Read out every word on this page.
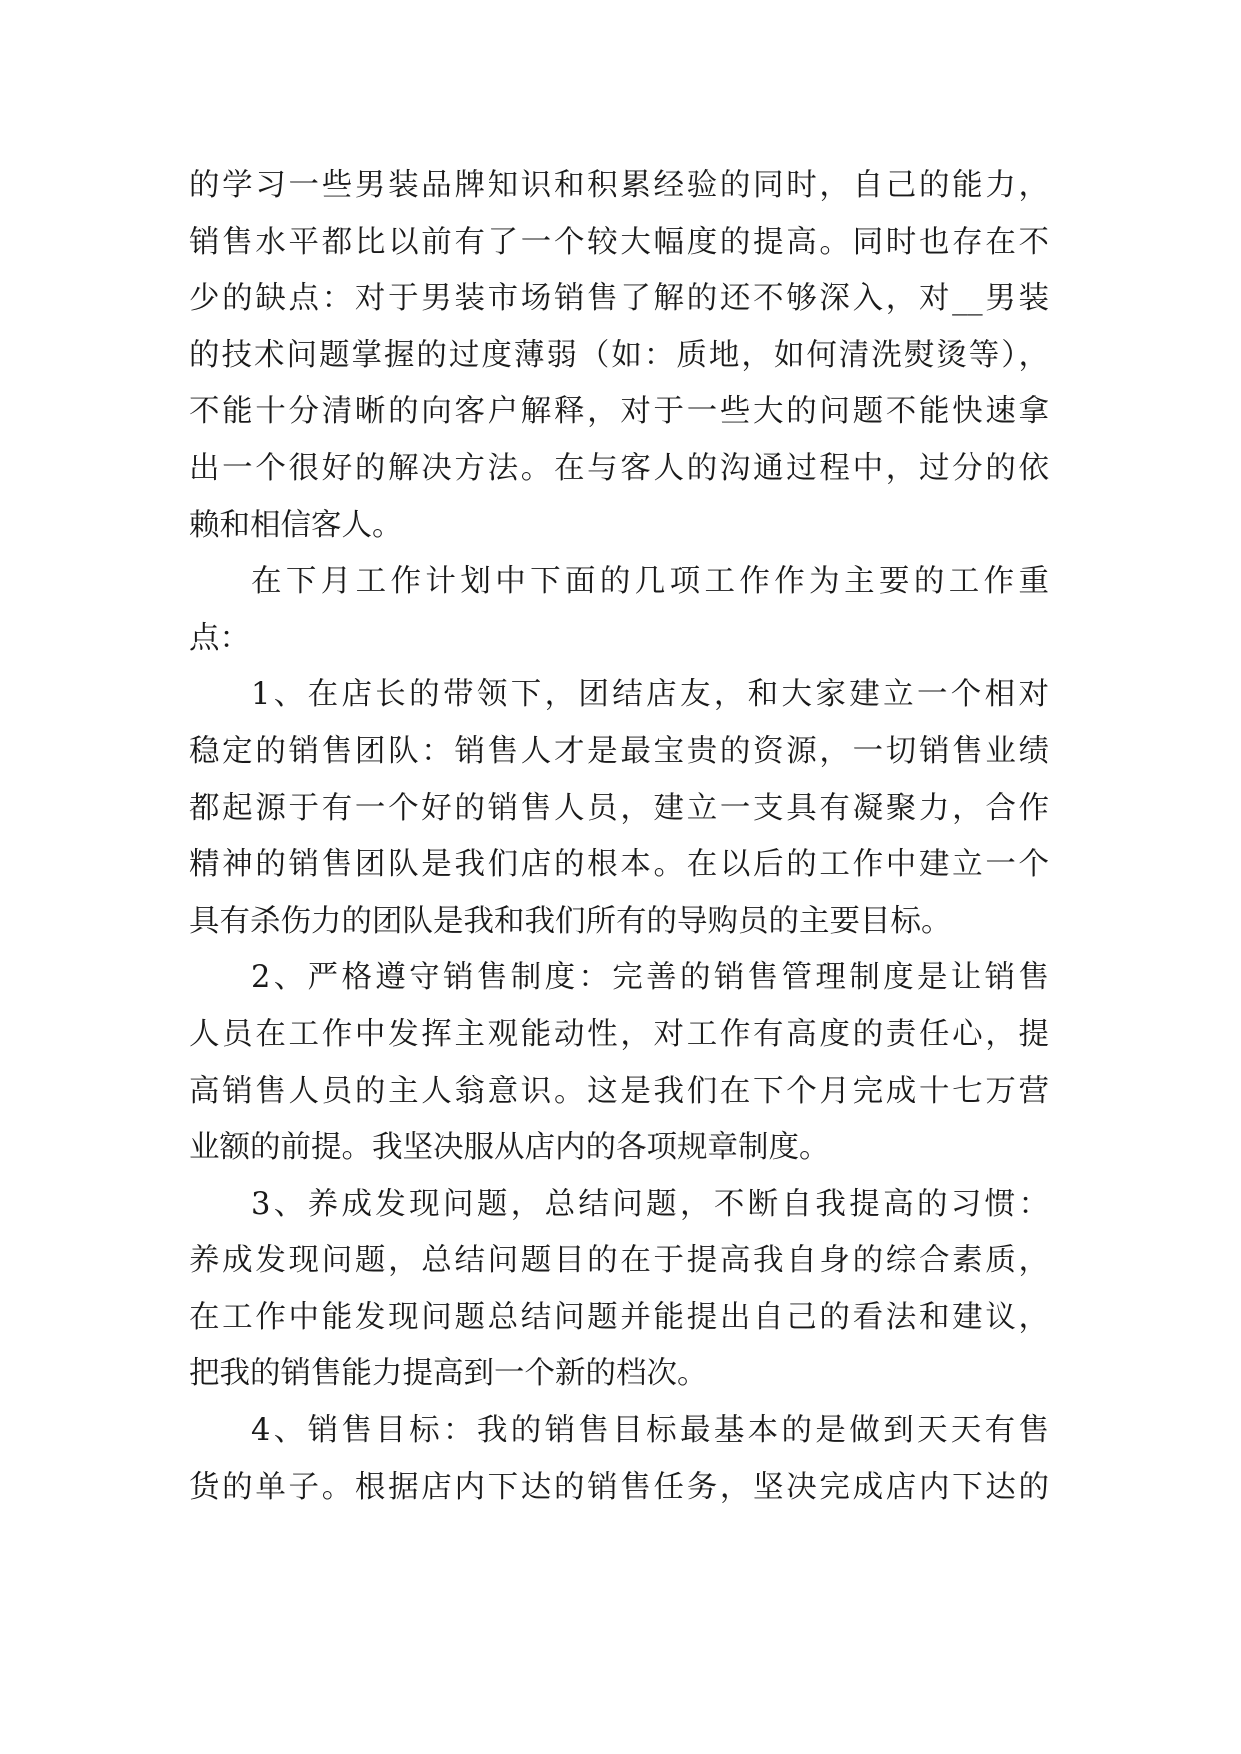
的学习一些男装品牌知识和积累经验的同时，自己的能力，
销售水平都比以前有了一个较大幅度的提高。同时也存在不
少的缺点：对于男装市场销售了解的还不够深入，对__男装
的技术问题掌握的过度薄弱（如：质地，如何清洗熨烫等），
不能十分清晰的向客户解释，对于一些大的问题不能快速拿
出一个很好的解决方法。在与客人的沟通过程中，过分的依
赖和相信客人。
在下月工作计划中下面的几项工作作为主要的工作重
点：
1、在店长的带领下，团结店友，和大家建立一个相对
稳定的销售团队：销售人才是最宝贵的资源，一切销售业绩
都起源于有一个好的销售人员，建立一支具有凝聚力，合作
精神的销售团队是我们店的根本。在以后的工作中建立一个
具有杀伤力的团队是我和我们所有的导购员的主要目标。
2、严格遵守销售制度：完善的销售管理制度是让销售
人员在工作中发挥主观能动性，对工作有高度的责任心，提
高销售人员的主人翁意识。这是我们在下个月完成十七万营
业额的前提。我坚决服从店内的各项规章制度。
3、养成发现问题，总结问题，不断自我提高的习惯：
养成发现问题，总结问题目的在于提高我自身的综合素质，
在工作中能发现问题总结问题并能提出自己的看法和建议，
把我的销售能力提高到一个新的档次。
4、销售目标：我的销售目标最基本的是做到天天有售
货的单子。根据店内下达的销售任务，坚决完成店内下达的
